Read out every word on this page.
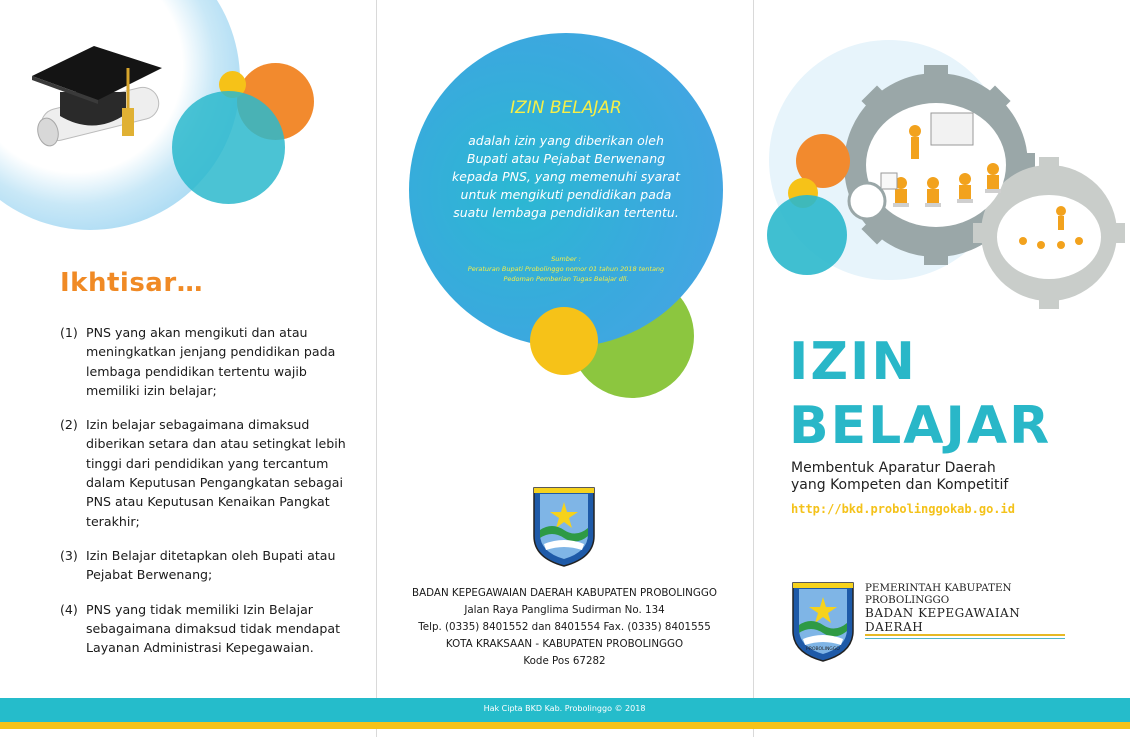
Ikhtisar…
(1) PNS yang akan mengikuti dan atau meningkatkan jenjang pendidikan pada lembaga pendidikan tertentu wajib memiliki izin belajar;
(2) Izin belajar sebagaimana dimaksud diberikan setara dan atau setingkat lebih tinggi dari pendidikan yang tercantum dalam Keputusan Pengangkatan sebagai PNS atau Keputusan Kenaikan Pangkat terakhir;
(3) Izin Belajar ditetapkan oleh Bupati atau Pejabat Berwenang;
(4) PNS yang tidak memiliki Izin Belajar sebagaimana dimaksud tidak mendapat Layanan Administrasi Kepegawaian.
IZIN BELAJAR
adalah izin yang diberikan oleh Bupati atau Pejabat Berwenang kepada PNS, yang memenuhi syarat untuk mengikuti pendidikan pada suatu lembaga pendidikan tertentu.
Sumber :
Peraturan Bupati Probolinggo nomor 01 tahun 2018 tentang Pedoman Pemberian Tugas Belajar dll.
BADAN KEPEGAWAIAN DAERAH KABUPATEN PROBOLINGGO
Jalan Raya Panglima Sudirman No. 134
Telp. (0335) 8401552 dan 8401554 Fax. (0335) 8401555
KOTA KRAKSAAN - KABUPATEN PROBOLINGGO
Kode Pos 67282
IZIN
BELAJAR
Membentuk Aparatur Daerah
yang Kompeten dan Kompetitif
http://bkd.probolinggokab.go.id
PROBOLINGGO
PEMERINTAH KABUPATEN PROBOLINGGO
BADAN KEPEGAWAIAN DAERAH
Hak Cipta BKD Kab. Probolinggo © 2018
